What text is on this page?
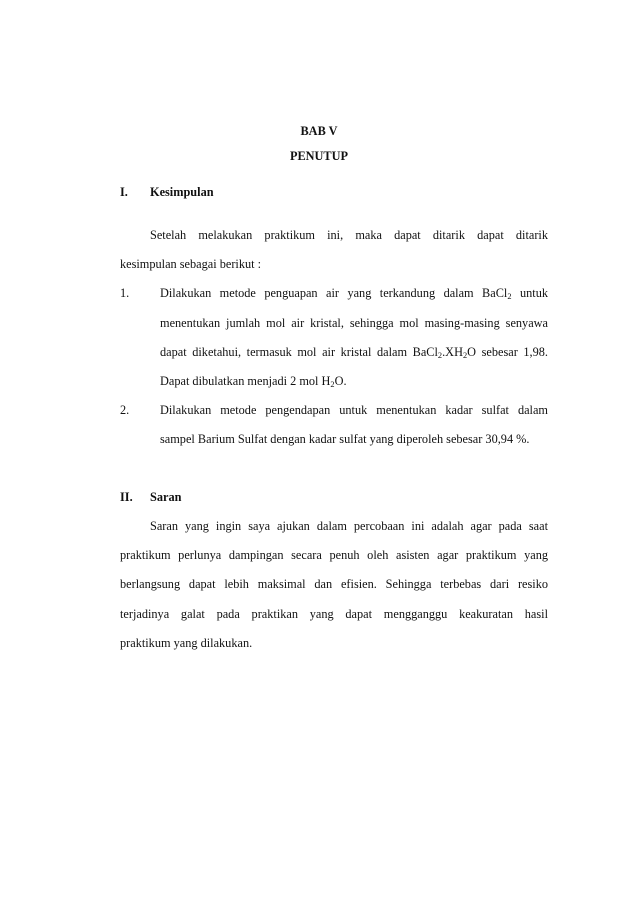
BAB V
PENUTUP
I. Kesimpulan
Setelah melakukan praktikum ini, maka dapat ditarik dapat ditarik
kesimpulan sebagai berikut :
1.	Dilakukan metode penguapan air yang terkandung dalam BaCl$_2$ untuk
menentukan jumlah mol air kristal, sehingga mol masing-masing senyawa
dapat diketahui, termasuk mol air kristal dalam $BaCl_2.XH_2O$ sebesar 1,98.
Dapat dibulatkan menjadi 2 mol $H_2O$.
2.	Dilakukan metode pengendapan untuk menentukan kadar sulfat dalam
sampel Barium Sulfat dengan kadar sulfat yang diperoleh sebesar 30,94 %.
II. Saran
Saran yang ingin saya ajukan dalam percobaan ini adalah agar pada saat
praktikum perlunya dampingan secara penuh oleh asisten agar praktikum yang
berlangsung dapat lebih maksimal dan efisien. Sehingga terbebas dari resiko
terjadinya galat pada praktikan yang dapat mengganggu keakuratan hasil
praktikum yang dilakukan.
